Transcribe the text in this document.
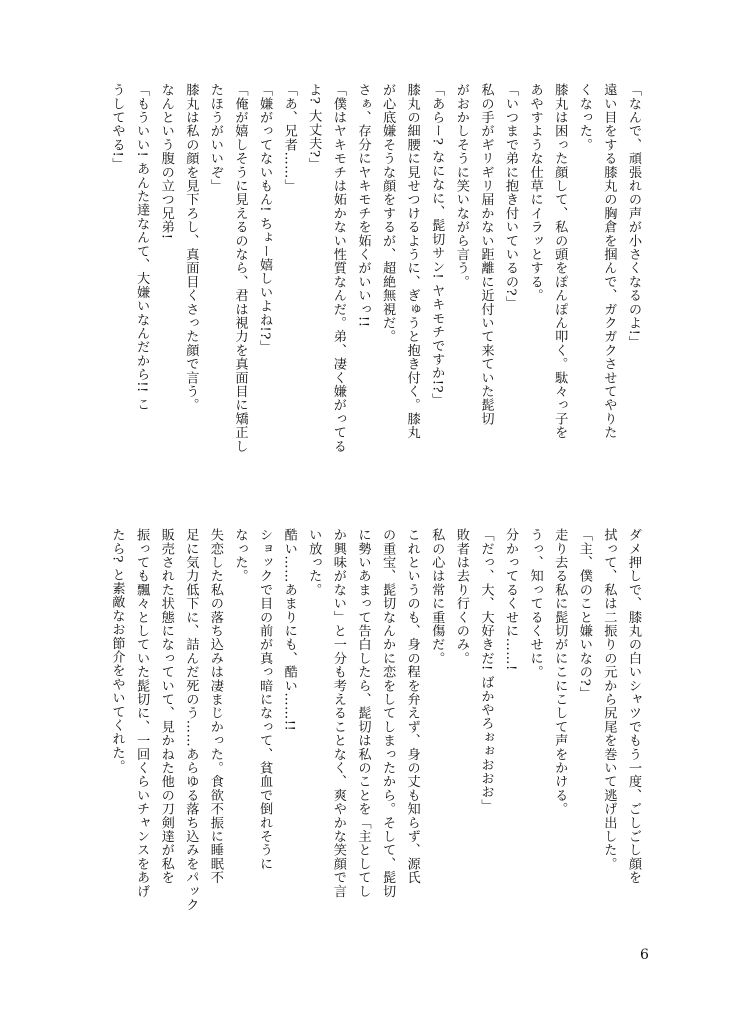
「なんで、頑張れの声が小さくなるのよ!」
遠い目をする膝丸の胸倉を掴んで、ガクガクさせてやりた
くなった。
膝丸は困った顔して、私の頭をぽんぽん叩く。駄々っ子を
あやすような仕草にイラッとする。
「いつまで弟に抱き付いているの?」
私の手がギリギリ届かない距離に近付いて来ていた髭切
がおかしそうに笑いながら言う。
「あらー? なになに、髭切サン! ヤキモチですか!?」
膝丸の細腰に見せつけるように、ぎゅうと抱き付く。膝丸
が心底嫌そうな顔をするが、超絶無視だ。
さぁ、存分にヤキモチを妬くがいいっ!!
「僕はヤキモチは妬かない性質なんだ。弟、凄く嫌がってる
よ? 大丈夫?」
「あ、兄者……」
「嫌がってないもん! ちょー嬉しいよね!?」
「俺が嬉しそうに見えるのなら、君は視力を真面目に矯正し
たほうがいいぞ」
膝丸は私の顔を見下ろし、真面目くさった顔で言う。
なんという腹の立つ兄弟!
「もういい! あんた達なんて、大嫌いなんだから!! こ
うしてやる!」
ダメ押しで、膝丸の白いシャツでもう一度、ごしごし顔を
拭って、私は二振りの元から尻尾を巻いて逃げ出した。
「主、僕のこと嫌いなの?」
走り去る私に髭切がにこにこして声をかける。
うっ、知ってるくせに。
分かってるくせに……!
「だっ、大、大好きだ! ばかやろぉぉおおお」
敗者は去り行くのみ。
私の心は常に重傷だ。
これというのも、身の程を弁えず、身の丈も知らず、源氏
の重宝、髭切なんかに恋をしてしまったから。そして、髭切
に勢いあまって告白したら、髭切は私のことを「主としてし
か興味がない」と一分も考えることなく、爽やかな笑顔で言
い放った。
酷い……あまりにも、酷い……!!
ショックで目の前が真っ暗になって、貧血で倒れそうに
なった。
失恋した私の落ち込みは凄まじかった。食欲不振に睡眠不
足に気力低下に、詰んだ死のう……あらゆる落ち込みをパック
販売された状態になっていて、見かねた他の刀剣達が私を
振っても飄々としていた髭切に、一回くらいチャンスをあげ
たら? と素敵なお節介をやいてくれた。
6
